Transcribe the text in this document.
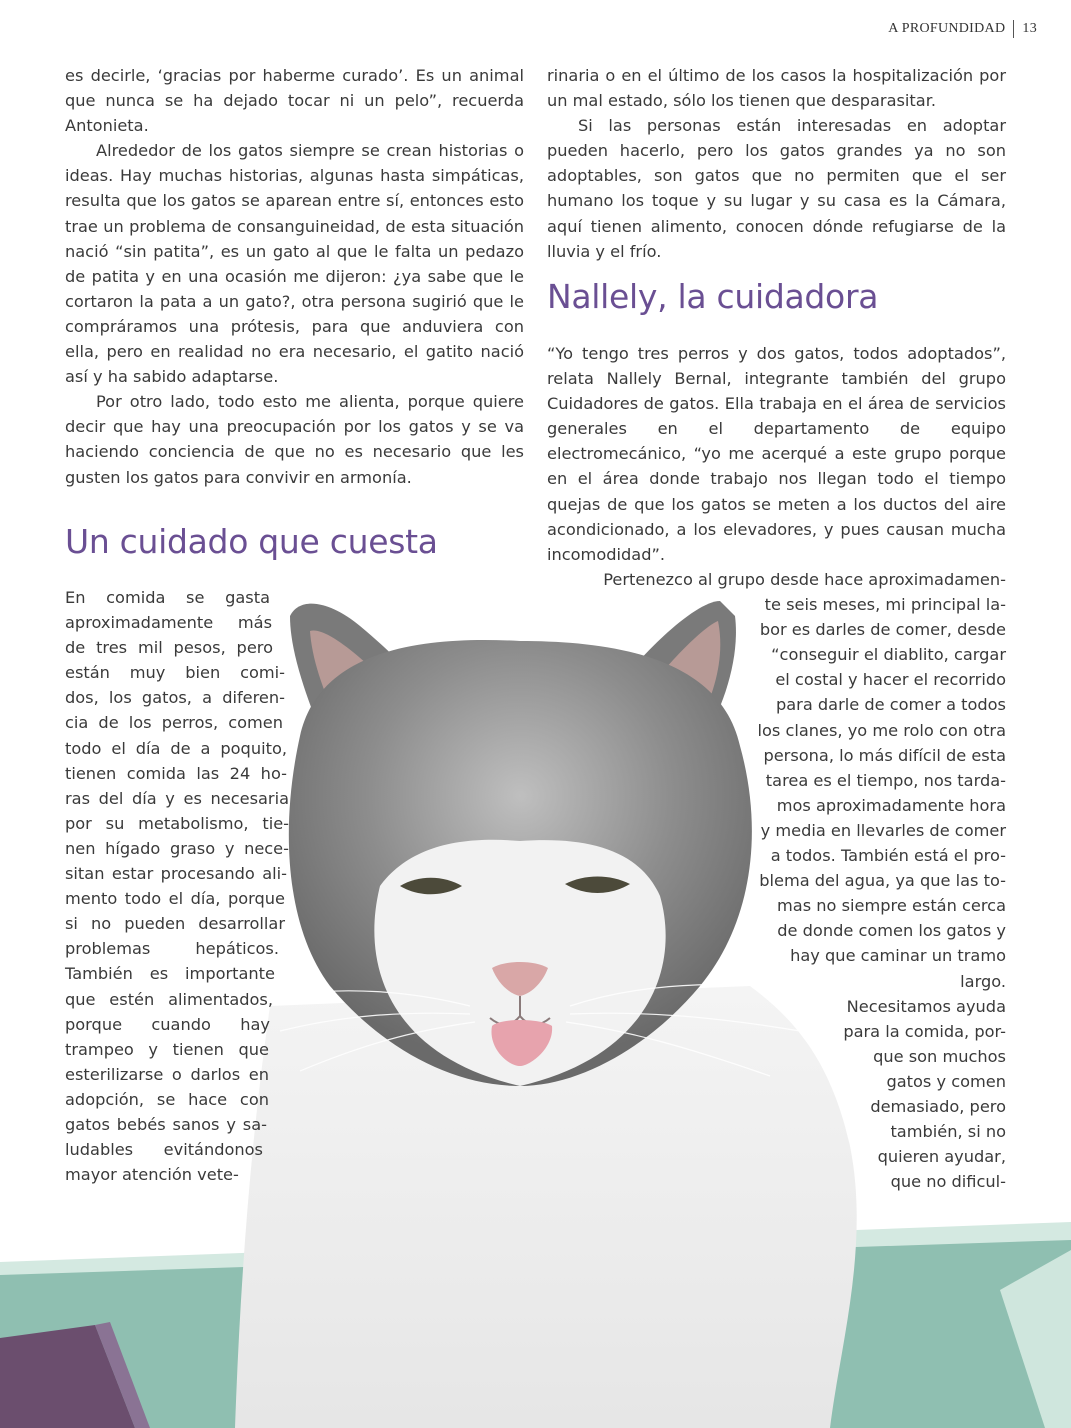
A PROFUNDIDAD 13

es decirle, ‘gracias por haberme curado’. Es un animal que nunca se ha dejado tocar ni un pelo”, recuerda Antonieta.

Alrededor de los gatos siempre se crean historias o ideas. Hay muchas historias, algunas hasta simpáticas, resulta que los gatos se aparean entre sí, entonces esto trae un problema de consanguineidad, de esta situación nació “sin patita”, es un gato al que le falta un pedazo de patita y en una ocasión me dijeron: ¿ya sabe que le cortaron la pata a un gato?, otra persona sugirió que le compráramos una prótesis, para que anduviera con ella, pero en realidad no era necesario, el gatito nació así y ha sabido adaptarse.

Por otro lado, todo esto me alienta, porque quiere decir que hay una preocupación por los gatos y se va haciendo conciencia de que no es necesario que les gusten los gatos para convivir en armonía.

Un cuidado que cuesta
En comida se gasta
aproximadamente más
de tres mil pesos, pero
están muy bien comi-
dos, los gatos, a diferen-
cia de los perros, comen
todo el día de a poquito,
tienen comida las 24 ho-
ras del día y es necesaria
por su metabolismo, tie-
nen hígado graso y nece-
sitan estar procesando ali-
mento todo el día, porque
si no pueden desarrollar
problemas hepáticos.
También es importante
que estén alimentados,
porque cuando hay
trampeo y tienen que
esterilizarse o darlos en
adopción, se hace con
gatos bebés sanos y sa-
ludables evitándonos
mayor atención vete-

rinaria o en el último de los casos la hospitalización por un mal estado, sólo los tienen que desparasitar.

Si las personas están interesadas en adoptar pueden hacerlo, pero los gatos grandes ya no son adoptables, son gatos que no permiten que el ser humano los toque y su lugar y su casa es la Cámara, aquí tienen alimento, conocen dónde refugiarse de la lluvia y el frío.

Nallely, la cuidadora

“Yo tengo tres perros y dos gatos, todos adoptados”, relata Nallely Bernal, integrante también del grupo Cuidadores de gatos. Ella trabaja en el área de servicios generales en el departamento de equipo electromecánico, “yo me acerqué a este grupo porque en el área donde trabajo nos llegan todo el tiempo quejas de que los gatos se meten a los ductos del aire acondicionado, a los elevadores, y pues causan mucha incomodidad”.

Pertenezco al grupo desde hace aproximadamen-
te seis meses, mi principal la-
bor es darles de comer, desde
“conseguir el diablito, cargar
el costal y hacer el recorrido
para darle de comer a todos
los clanes, yo me rolo con otra
persona, lo más difícil de esta
tarea es el tiempo, nos tarda-
mos aproximadamente hora
y media en llevarles de comer
a todos. También está el pro-
blema del agua, ya que las to-
mas no siempre están cerca
de donde comen los gatos y
hay que caminar un tramo
largo.
Necesitamos ayuda
para la comida, por-
que son muchos
gatos y comen
demasiado, pero
también, si no
quieren ayudar,
que no dificul-
